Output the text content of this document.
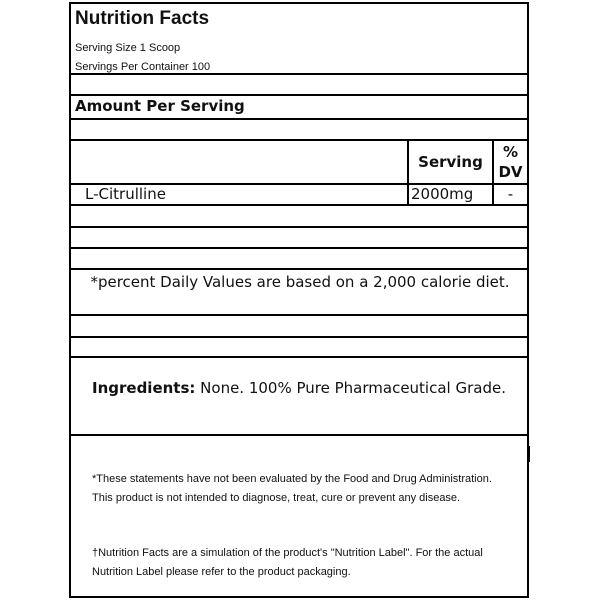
Nutrition Facts
Serving Size 1 Scoop
Servings Per Container 100
Amount Per Serving
Serving
%
DV
L-Citrulline	2000mg	-
*percent Daily Values are based on a 2,000 calorie diet.
Ingredients: None. 100% Pure Pharmaceutical Grade.
*These statements have not been evaluated by the Food and Drug Administration. This product is not intended to diagnose, treat, cure or prevent any disease.
†Nutrition Facts are a simulation of the product's "Nutrition Label". For the actual Nutrition Label please refer to the product packaging.
